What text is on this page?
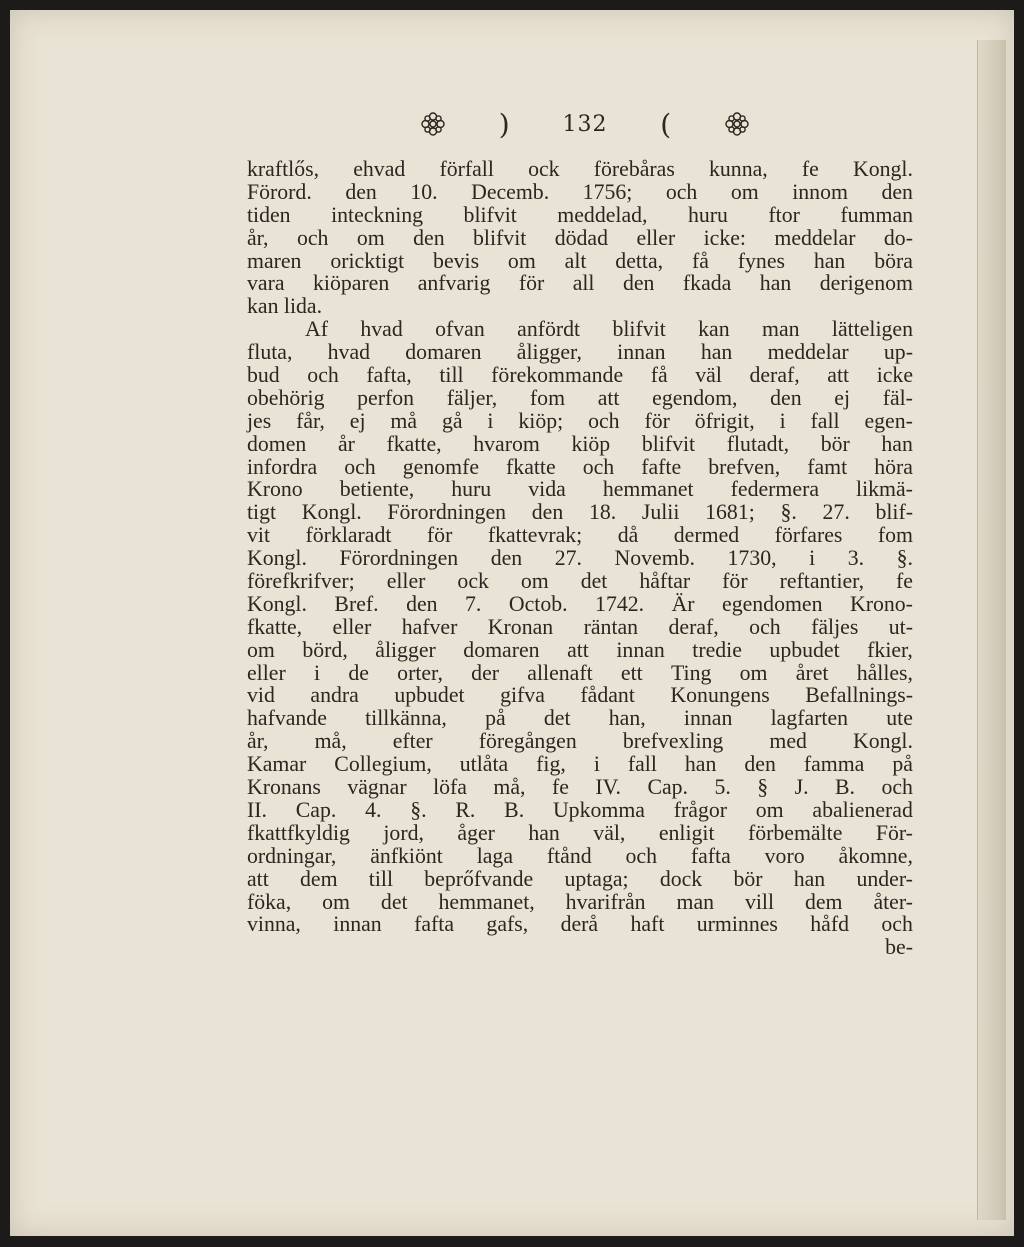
) 132 (
kraftlős, ehvad förfall ock förebåras kunna, fe Kongl.
Förord. den 10. Decemb. 1756; och om innom den
tiden inteckning blifvit meddelad, huru ftor fumman
år, och om den blifvit dödad eller icke: meddelar do-
maren oricktigt bevis om alt detta, få fynes han böra
vara kiöparen anfvarig för all den fkada han derigenom
kan lida.
Af hvad ofvan anfördt blifvit kan man lätteligen
fluta, hvad domaren åligger, innan han meddelar up-
bud och fafta, till förekommande få väl deraf, att icke
obehörig perfon fäljer, fom att egendom, den ej fäl-
jes får, ej må gå i kiöp; och för öfrigit, i fall egen-
domen år fkatte, hvarom kiöp blifvit flutadt, bör han
infordra och genomfe fkatte och fafte brefven, famt höra
Krono betiente, huru vida hemmanet federmera likmä-
tigt Kongl. Förordningen den 18. Julii 1681; §. 27. blif-
vit förklaradt för fkattevrak; då dermed förfares fom
Kongl. Förordningen den 27. Novemb. 1730, i 3. §.
förefkrifver; eller ock om det håftar för reftantier, fe
Kongl. Bref. den 7. Octob. 1742. Är egendomen Krono-
fkatte, eller hafver Kronan räntan deraf, och fäljes ut-
om börd, åligger domaren att innan tredie upbudet fkier,
eller i de orter, der allenaft ett Ting om året hålles,
vid andra upbudet gifva fådant Konungens Befallnings-
hafvande tillkänna, på det han, innan lagfarten ute
år, må, efter föregången brefvexling med Kongl.
Kamar Collegium, utlåta fig, i fall han den famma på
Kronans vägnar löfa må, fe IV. Cap. 5. § J. B. och
II. Cap. 4. §. R. B. Upkomma frågor om abalienerad
fkattfkyldig jord, åger han väl, enligit förbemälte För-
ordningar, änfkiönt laga ftånd och fafta voro åkomne,
att dem till beprőfvande uptaga; dock bör han under-
föka, om det hemmanet, hvarifrån man vill dem åter-
vinna, innan fafta gafs, derå haft urminnes håfd och
be-
